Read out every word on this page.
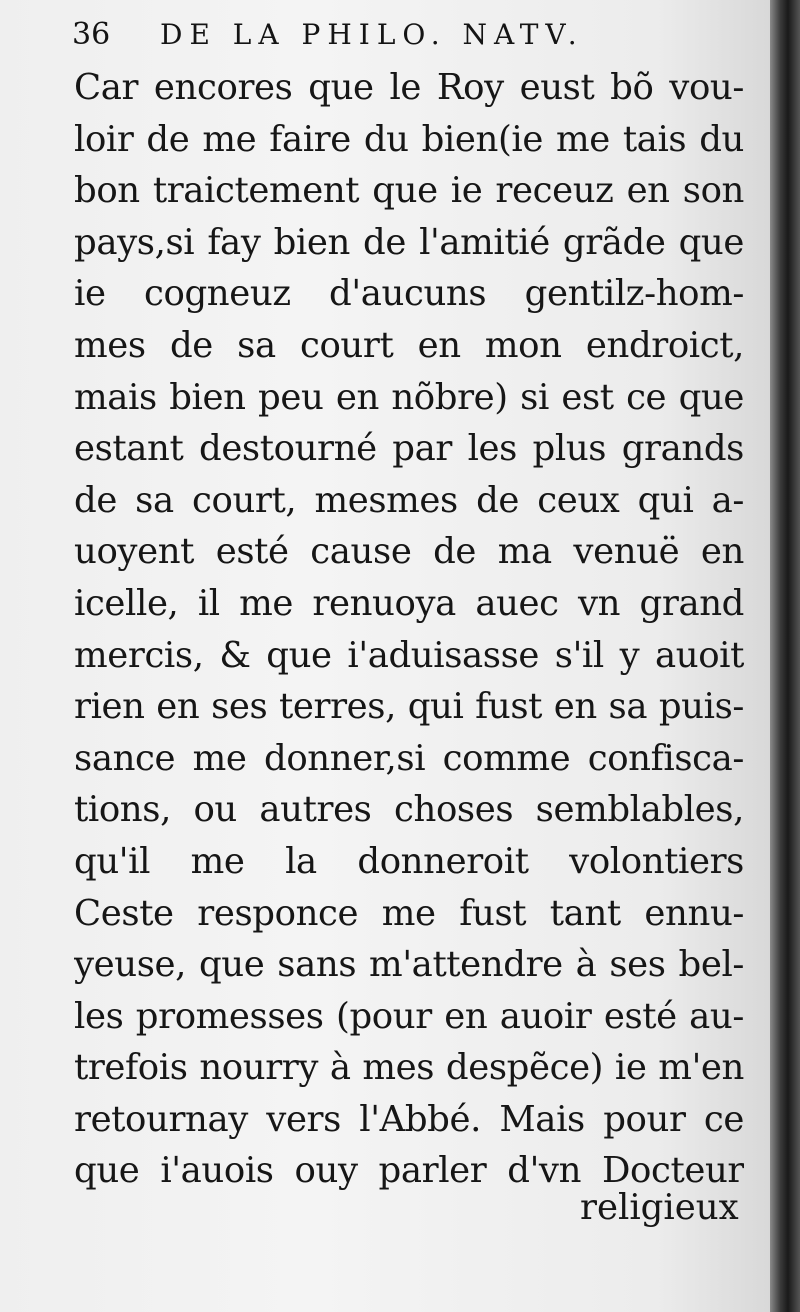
36 DE LA PHILO. NATV.
Car encores que le Roy eust bõ vou-
loir de me faire du bien(ie me tais du
bon traictement que ie receuz en son
pays,si fay bien de l'amitié grãde que
ie cogneuz d'aucuns gentilz-hom-
mes de sa court en mon endroict,
mais bien peu en nõbre) si est ce que
estant destourné par les plus grands
de sa court, mesmes de ceux qui a-
uoyent esté cause de ma venuë en
icelle, il me renuoya auec vn grand
mercis, & que i'aduisasse s'il y auoit
rien en ses terres, qui fust en sa puis-
sance me donner,si comme confisca-
tions, ou autres choses semblables,
qu'il me la donneroit volontiers
Ceste responce me fust tant ennu-
yeuse, que sans m'attendre à ses bel-
les promesses (pour en auoir esté au-
trefois nourry à mes despẽce) ie m'en
retournay vers l'Abbé. Mais pour ce
que i'auois ouy parler d'vn Docteur
religieux
